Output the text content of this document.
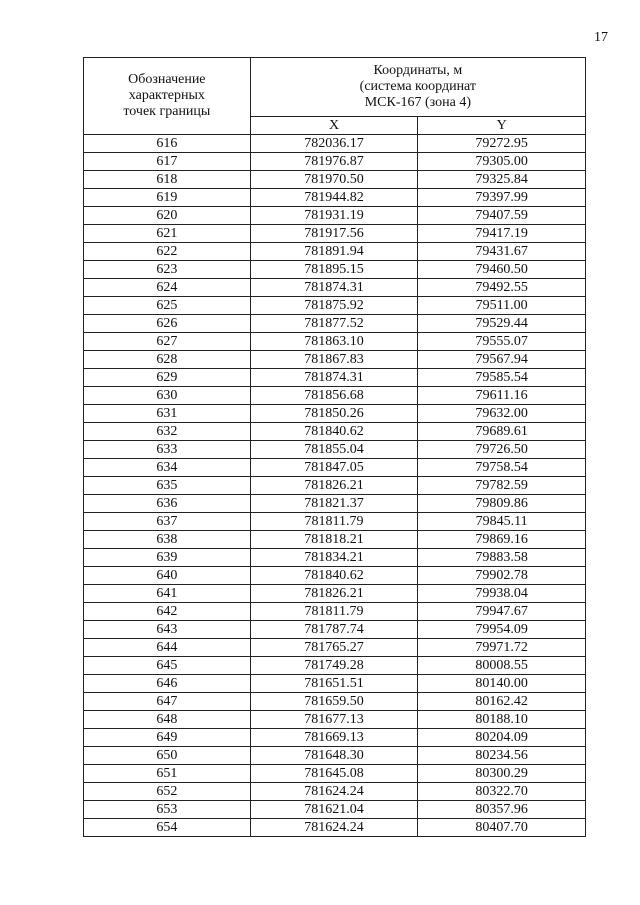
17
Обозначение
характерных
точек границы	Координаты, м
(система координат
МСК-167 (зона 4)	

	X	Y
616	782036.17	79272.95
617	781976.87	79305.00
618	781970.50	79325.84
619	781944.82	79397.99
620	781931.19	79407.59
621	781917.56	79417.19
622	781891.94	79431.67
623	781895.15	79460.50
624	781874.31	79492.55
625	781875.92	79511.00
626	781877.52	79529.44
627	781863.10	79555.07
628	781867.83	79567.94
629	781874.31	79585.54
630	781856.68	79611.16
631	781850.26	79632.00
632	781840.62	79689.61
633	781855.04	79726.50
634	781847.05	79758.54
635	781826.21	79782.59
636	781821.37	79809.86
637	781811.79	79845.11
638	781818.21	79869.16
639	781834.21	79883.58
640	781840.62	79902.78
641	781826.21	79938.04
642	781811.79	79947.67
643	781787.74	79954.09
644	781765.27	79971.72
645	781749.28	80008.55
646	781651.51	80140.00
647	781659.50	80162.42
648	781677.13	80188.10
649	781669.13	80204.09
650	781648.30	80234.56
651	781645.08	80300.29
652	781624.24	80322.70
653	781621.04	80357.96
654	781624.24	80407.70
